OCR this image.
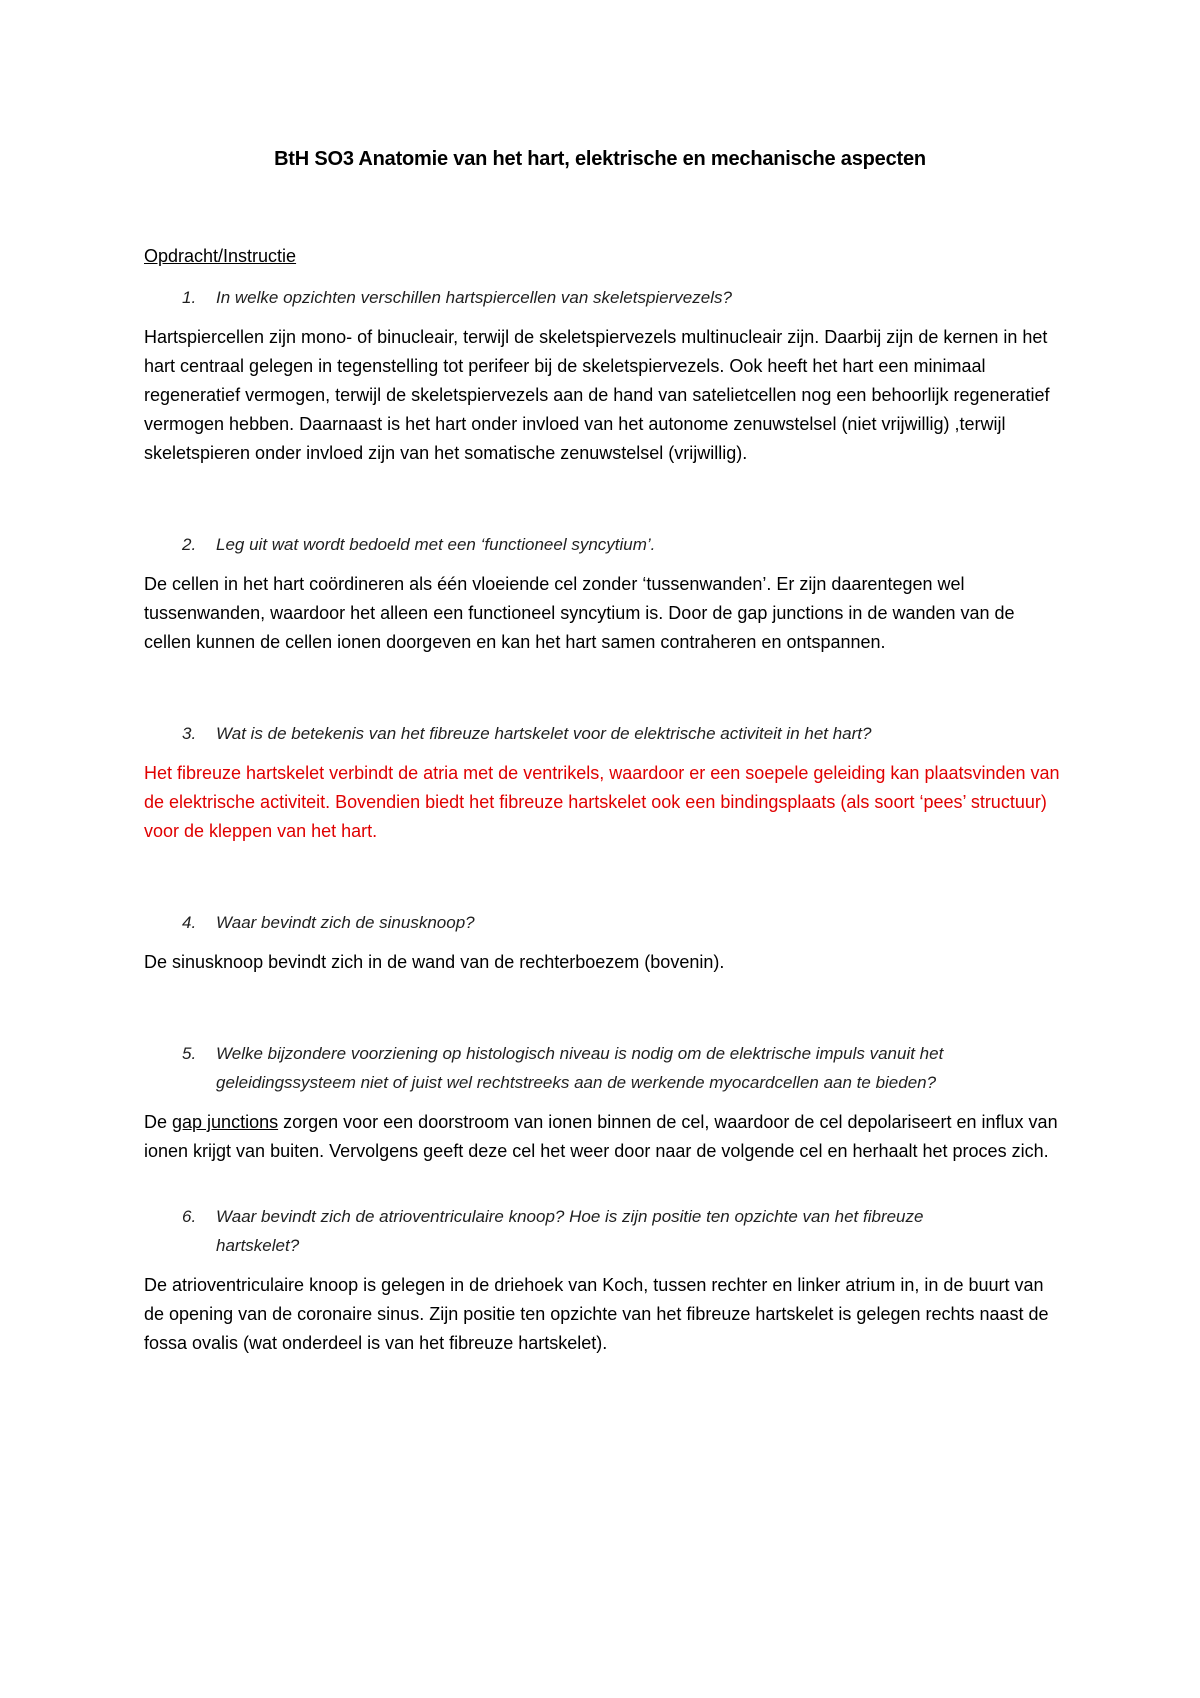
BtH SO3 Anatomie van het hart, elektrische en mechanische aspecten
Opdracht/Instructie
1.	In welke opzichten verschillen hartspiercellen van skeletspiervezels?

Hartspiercellen zijn mono- of binucleair, terwijl de skeletspiervezels multinucleair zijn. Daarbij zijn de kernen in het hart centraal gelegen in tegenstelling tot perifeer bij de skeletspiervezels. Ook heeft het hart een minimaal regeneratief vermogen, terwijl de skeletspiervezels aan de hand van satelietcellen nog een behoorlijk regeneratief vermogen hebben. Daarnaast is het hart onder invloed van het autonome zenuwstelsel (niet vrijwillig) ,terwijl skeletspieren onder invloed zijn van het somatische zenuwstelsel (vrijwillig).

2.	Leg uit wat wordt bedoeld met een ‘functioneel syncytium’.

De cellen in het hart coördineren als één vloeiende cel zonder ‘tussenwanden’. Er zijn daarentegen wel tussenwanden, waardoor het alleen een functioneel syncytium is. Door de gap junctions in de wanden van de cellen kunnen de cellen ionen doorgeven en kan het hart samen contraheren en ontspannen.

3.	Wat is de betekenis van het fibreuze hartskelet voor de elektrische activiteit in het hart?

Het fibreuze hartskelet verbindt de atria met de ventrikels, waardoor er een soepele geleiding kan plaatsvinden van de elektrische activiteit. Bovendien biedt het fibreuze hartskelet ook een bindingsplaats (als soort ‘pees’ structuur) voor de kleppen van het hart.

4.	Waar bevindt zich de sinusknoop?

De sinusknoop bevindt zich in de wand van de rechterboezem (bovenin).

5.	Welke bijzondere voorziening op histologisch niveau is nodig om de elektrische impuls vanuit het geleidingssysteem niet of juist wel rechtstreeks aan de werkende myocardcellen aan te bieden?

De gap junctions zorgen voor een doorstroom van ionen binnen de cel, waardoor de cel depolariseert en influx van ionen krijgt van buiten. Vervolgens geeft deze cel het weer door naar de volgende cel en herhaalt het proces zich.

6.	Waar bevindt zich de atrioventriculaire knoop? Hoe is zijn positie ten opzichte van het fibreuze hartskelet?

De atrioventriculaire knoop is gelegen in de driehoek van Koch, tussen rechter en linker atrium in, in de buurt van de opening van de coronaire sinus. Zijn positie ten opzichte van het fibreuze hartskelet is gelegen rechts naast de fossa ovalis (wat onderdeel is van het fibreuze hartskelet).
